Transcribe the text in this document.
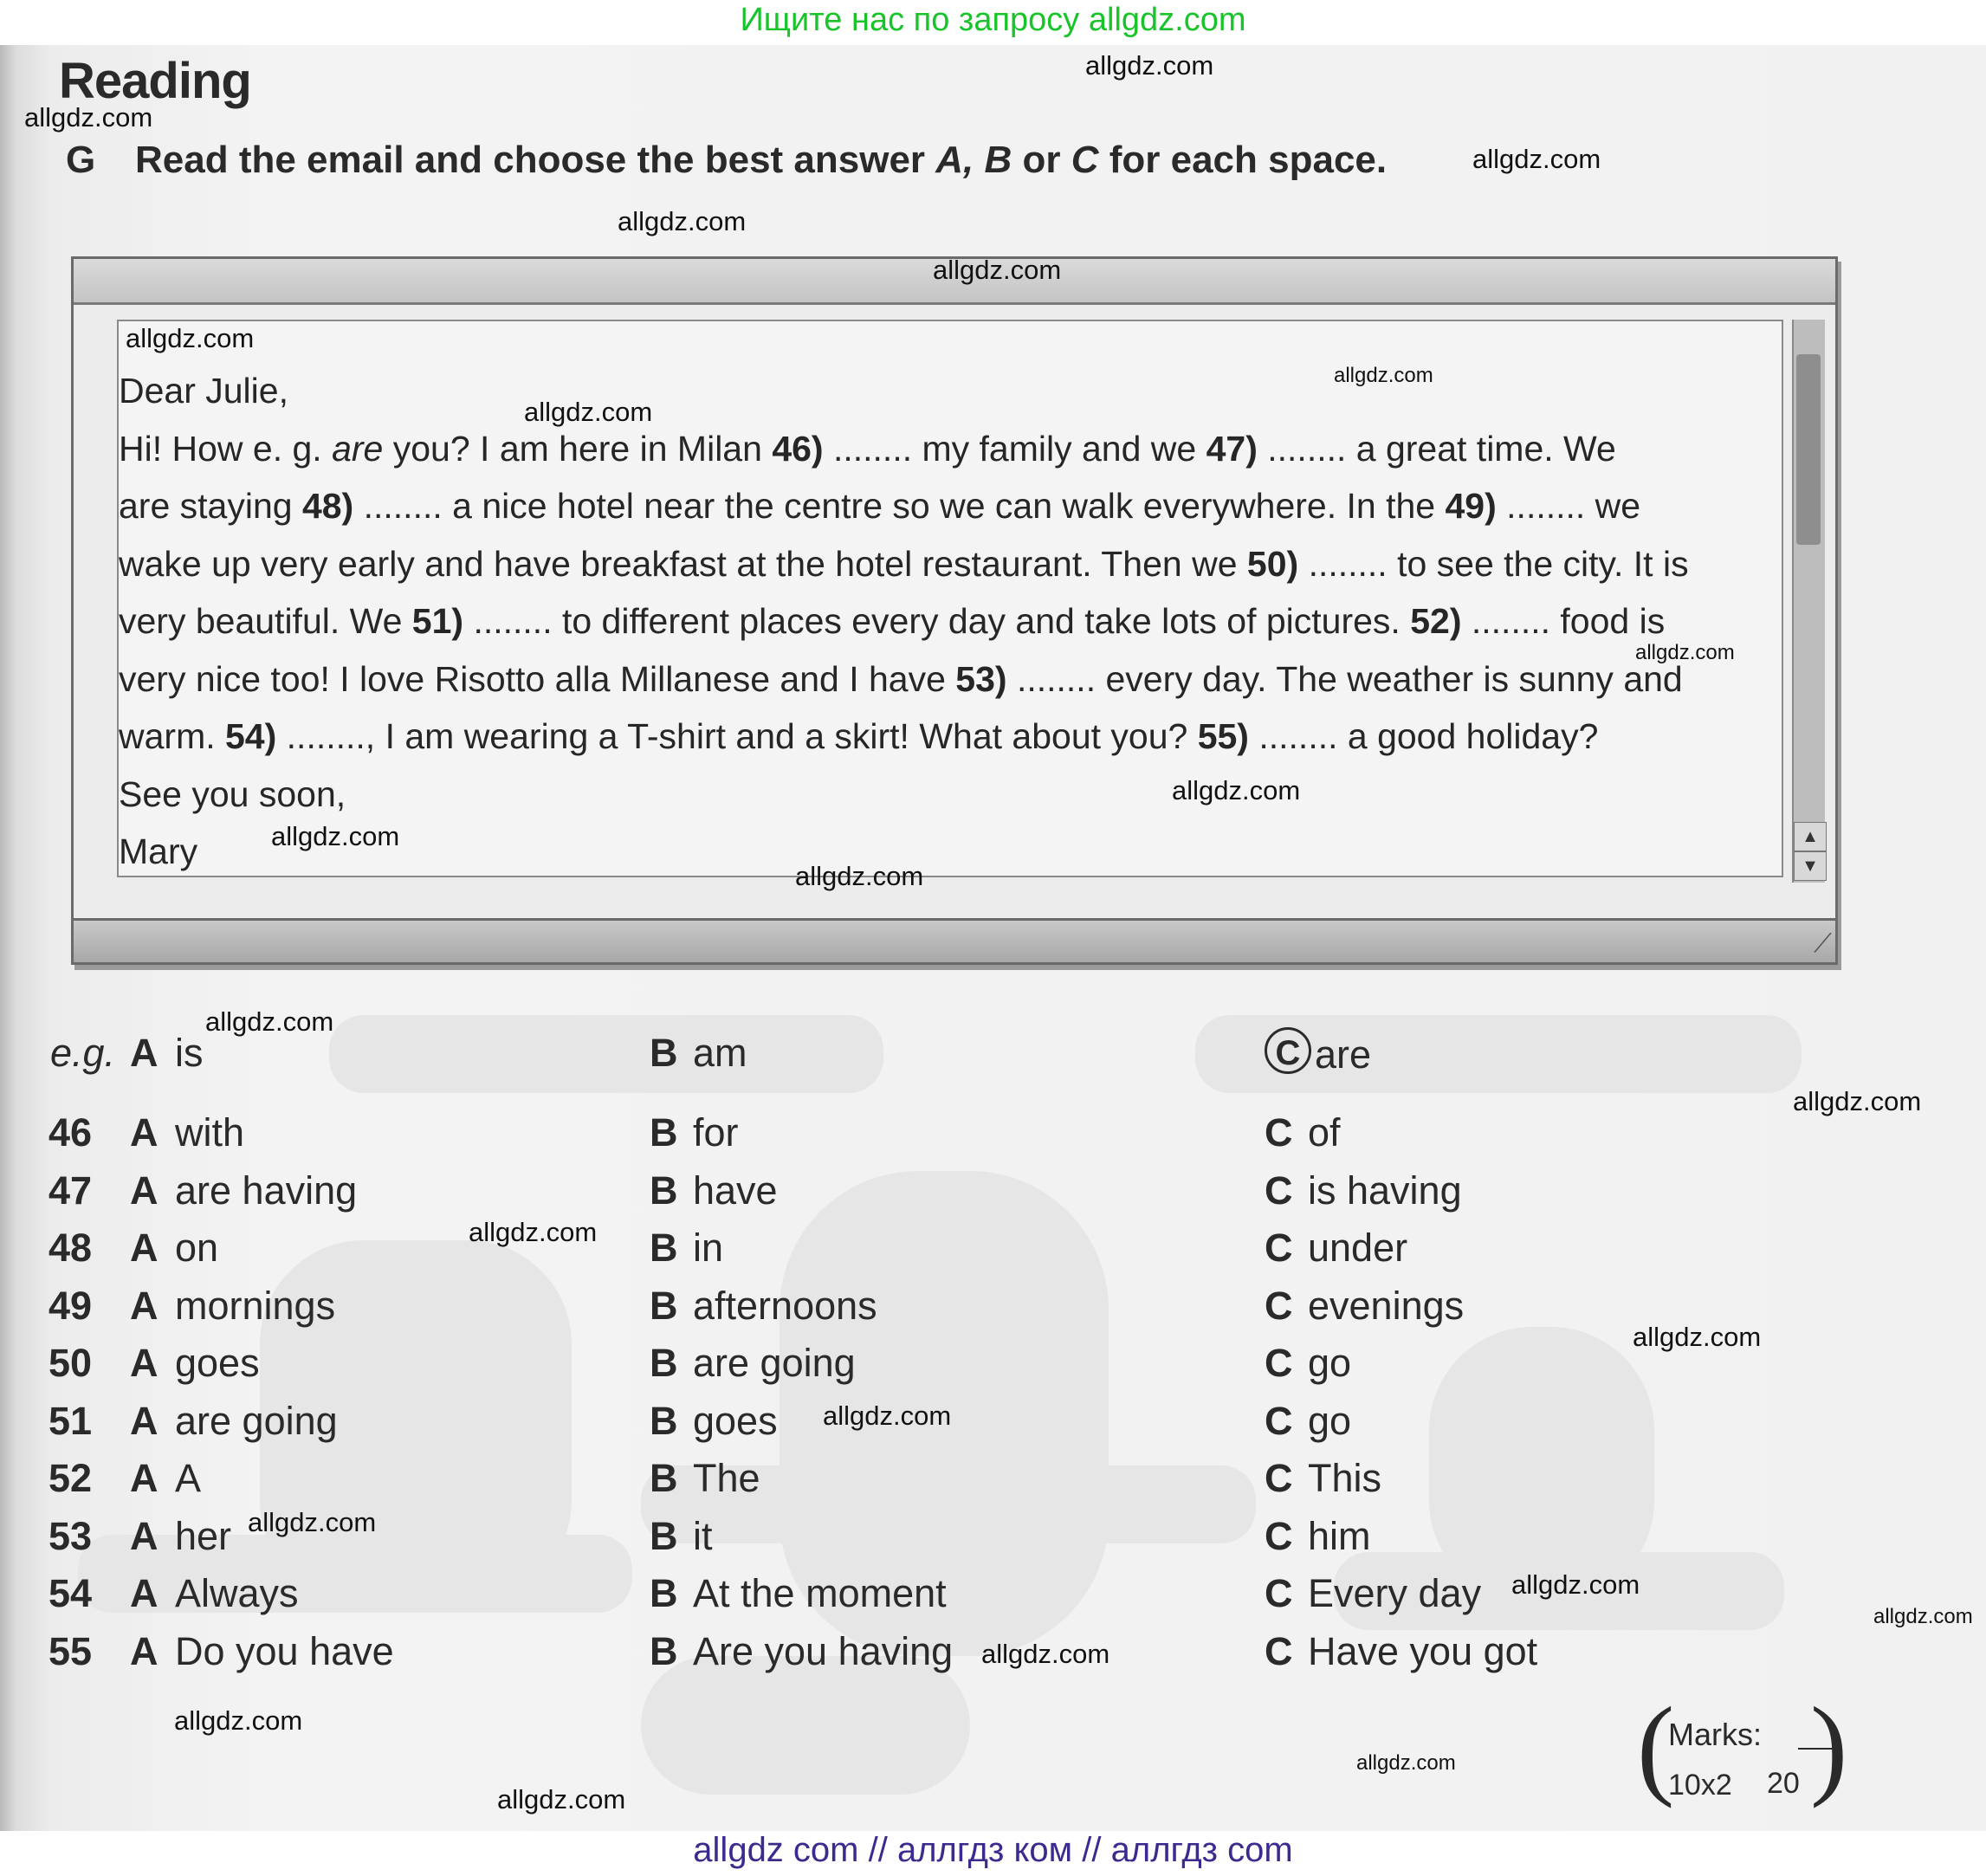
Ищите нас по запросу allgdz.com
Reading
G Read the email and choose the best answer A, B or C for each space.
▲
▼
⟋

Dear Julie,

Hi! How e. g. are you? I am here in Milan 46) ........ my family and we 47) ........ a great time. We

are staying 48) ........ a nice hotel near the centre so we can walk everywhere. In the 49) ........ we

wake up very early and have breakfast at the hotel restaurant. Then we 50) ........ to see the city. It is

very beautiful. We 51) ........ to different places every day and take lots of pictures. 52) ........ food is

very nice too! I love Risotto alla Millanese and I have 53) ........ every day. The weather is sunny and

warm. 54) ........, I am wearing a T-shirt and a skirt! What about you? 55) ........ a good holiday?

See you soon,

Mary

e.g. A is	B am	C are
46 A with	B for	C of
47 A are having	B have	C is having
48 A on	B in	C under
49 A mornings	B afternoons	C evenings
50 A goes	B are going	C go
51 A are going	B goes	C go
52 A A	B The	C This
53 A her	B it	C him
54 A Always	B At the moment	C Every day
55 A Do you have	B Are you having	C Have you got
(
Marks:
20
10x2 )
allgdz.com
allgdz.com
allgdz.com
allgdz.com
allgdz.com
allgdz.com
allgdz.com
allgdz.com
allgdz.com
allgdz.com
allgdz.com
allgdz.com
allgdz.com
allgdz.com
allgdz.com
allgdz.com
allgdz.com
allgdz.com
allgdz.com
allgdz.com
allgdz.com
allgdz.com
allgdz.com
allgdz.com
allgdz com // аллгдз ком // аллгдз com
